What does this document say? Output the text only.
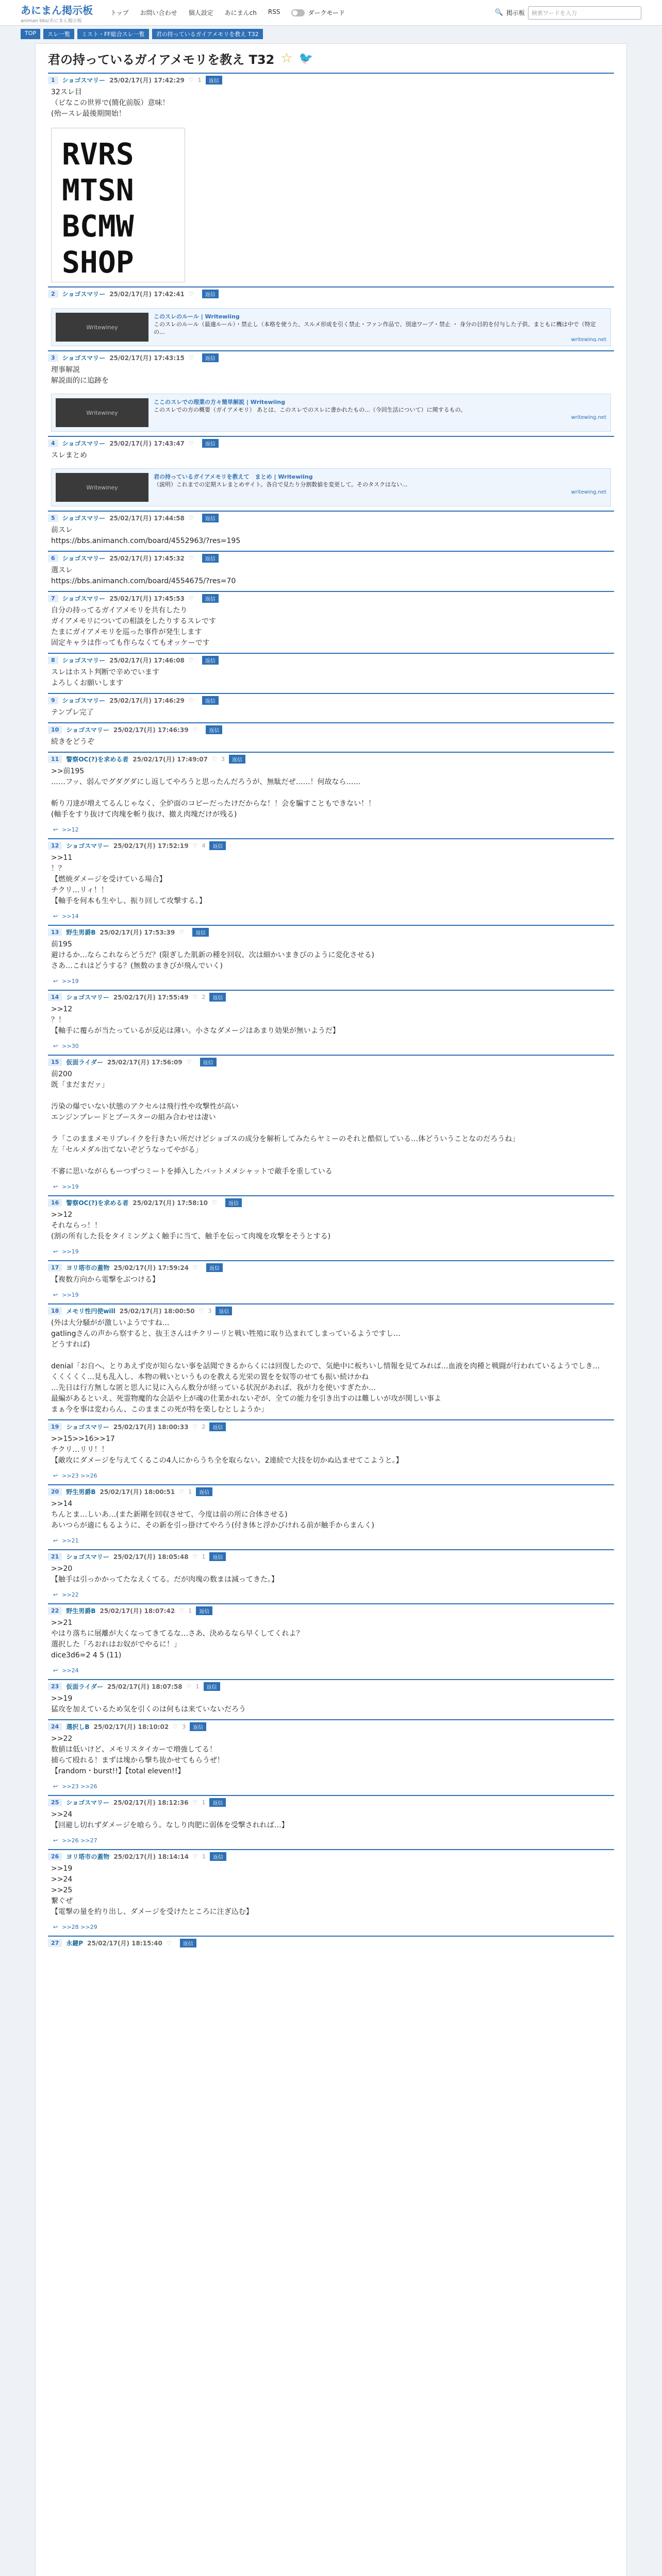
あにまん掲示板
animan bbs/あにまん掲示板
トップ お問い合わせ 個人設定 あにまんch RSS	ダークモード	🔍 掲示板	検索ワードを入力
TOP	スレ一覧	ミスト・FF総合スレ一覧	君の持っているガイアメモリを教え T32
君の持っているガイアメモリを教え T32 ☆ 🐦
1	ショゴスマリー 25/02/17(月) 17:42:29 ♡ 1	返信
32スレ目
（ビなこの世界で(簡化前版）意味！
(殆ースレ最後期開始！
RVRS
MTSN
BCMW
SHOP
2	ショゴスマリー 25/02/17(月) 17:42:41 ♡	返信
Writewiney
このスレのルール | Writewiing
このスレのルール（最適ルール）・禁止し（本格を使うた、スルメ形成を引く禁止・ファン作品で、別途ワーブ・禁止 ・ 身分の目的を付与した子供、まともに機は中で（特定の...
writewing.net
3	ショゴスマリー 25/02/17(月) 17:43:15 ♡	返信
理事解説
解説面的に追跡を
Writewiney
ここのスレでの理業の方々簡単解説 | Writewiing
このスレでの方の概要（ガイアメモリ） あとは、このスレでのスレに書かれたもの...（今回生活について）に関するもの。
writewing.net
4	ショゴスマリー 25/02/17(月) 17:43:47 ♡	返信
スレまとめ
Writewiney
君の持っているガイアメモリを教えて　まとめ | Writewiing
（説明）これまでの定期スレまとめサイト。各自で見たり分割数値を変更して。そのタスクはない...
writewing.net
5	ショゴスマリー 25/02/17(月) 17:44:58 ♡	返信
前スレ
https://bbs.animanch.com/board/4552963/?res=195
6	ショゴスマリー 25/02/17(月) 17:45:32 ♡	返信
選スレ
https://bbs.animanch.com/board/4554675/?res=70
7	ショゴスマリー 25/02/17(月) 17:45:53 ♡	返信
自分の持ってるガイアメモリを共有したり
ガイアメモリについての相談をしたりするスレです
たまにガイアメモリを巡った事件が発生します
固定キャラは作っても作らなくてもオッケーです
8	ショゴスマリー 25/02/17(月) 17:46:08 ♡	返信
スレはホスト判断で辛めでいます
よろしくお願いします
9	ショゴスマリー 25/02/17(月) 17:46:29 ♡	返信
テンプレ完了
10	ショゴスマリー 25/02/17(月) 17:46:39 ♡	返信
続きをどうぞ
11	警察OC(?)を求める者 25/02/17(月) 17:49:07 ♡ 3	返信
>>前195
……フッ、弱んでグダグダにし返してやろうと思ったんだろうが、無駄だぜ……！何故なら……

斬り刀達が増えてるんじゃなく、全炉面のコピーだったけだからな！！会を騙すこともできない！！
(軸手をすり抜けて肉塊を斬り抜け、撤え肉塊だけが残る)
↩ >>12
12	ショゴスマリー 25/02/17(月) 17:52:19 ♡ 4	返信
>>11
！？
【燃焼ダメージを受けている場合】
チクリ…リィ！！
【軸手を何本も生やし、振り回して攻撃する。】
↩ >>14
13	野生男爵B 25/02/17(月) 17:53:39 ♡	返信
前195
避けるか…ならこれならどうだ？(限ぎした肌新の種を回収、次は細かいまきびのように変化させる)
さあ…これはどうする？(無数のまきびが飛んでいく)
↩ >>19
14	ショゴスマリー 25/02/17(月) 17:55:49 ♡ 2	返信
>>12
？！
【軸手に覆らが当たっているが反応は薄い。小さなダメージはあまり効果が無いようだ】
↩ >>30
15	仮面ライダー 25/02/17(月) 17:56:09 ♡	返信
前200
既「まだまだァ」

汚染の爆でいない状態のアクセルは飛行性や攻撃性が高い
エンジンブレードとブースターの組み合わせは凄い

ラ「このままメモリブレイクを行きたい所だけどショゴスの成分を解析してみたらヤミーのそれと酷似している…体どういうことなのだろうね」
左「セルメダル出てないぞどうなってやがる」

不審に思いながらもーつずつミートを挿入したバットメメシャットで敵手を重している
↩ >>19
16	警察OC(?)を求める者 25/02/17(月) 17:58:10 ♡	返信
>>12
それならっ！！
(割の所有した長をタイミングよく触手に当て、触手を伝って肉塊を攻撃をそうとする)
↩ >>19
17	ヨリ塔市の蓋物 25/02/17(月) 17:59:24 ♡	返信
【複数方向から電撃をぶつける】
↩ >>19
18	メモリ性円使will 25/02/17(月) 18:00:50 ♡ 3	返信
(外は大分騒がが激しいようですね…
gatlingさんの声から察すると、抜王さんはチクリーリと戦い牲殖に取り込まれてしまっているようですし…
どうすれば)

denial「お自へ、とりあえず皮が知らない事を話聞できるからくには回復したので、気絶中に板ちいし情報を見てみれば…血液を肉種と戦闘が行われているようでしき…
くくくくく…見も乱入し、本物の戦いというものを教える光栄の置をを奴等のせても振い続けかね
…先日は行方無しな匿と思人に見に入らん数分が経っている状況があれば、我が力を使いすぎたか…
最編があるといえ、死霊物魔的な会話や上が魂の仕業かれないぞが、全ての能力を引き出すのは難しいが攻が関しい事よ
まぁ今を事は変わらん、このままこの死が特を楽しむとしようか」
19	ショゴスマリー 25/02/17(月) 18:00:33 ♡ 2	返信
>>15>>16>>17
チクリ…リリ！！
【敵攻にダメージを与えてくるこの4人にからうち全を取らない。2連続で大技を切かぬ込ませてこようと。】
↩ >>23 >>26
20	野生男爵B 25/02/17(月) 18:00:51 ♡ 1	返信
>>14
ちんとま…しいあ…(また新剛を回収させて、今度は前の所に合体させる)
あいつらが適にもるように、その新を引っ掛けてやろう(付き体と浮かびけれる前が触手からまんく)
↩ >>21
21	ショゴスマリー 25/02/17(月) 18:05:48 ♡ 1	返信
>>20
【触手は引っかかってたなえくてる。だが肉塊の数まは減ってきた。】
↩ >>22
22	野生男爵B 25/02/17(月) 18:07:42 ♡ 1	返信
>>21
やはり落ちに展離が大くなってきてるな…さあ、決めるなら早くしてくれよ？
選択した「ろおれはお奴がでやるに！」
dice3d6=2 4 5 (11)
↩ >>24
23	仮面ライダー 25/02/17(月) 18:07:58 ♡ 1	返信
>>19
猛攻を加えているため気を引くのは何もは来ていないだろう
24	選択しB 25/02/17(月) 18:10:02 ♡ 3	返信
>>22
数値は低いけど、メモリスタイカーで増強してる！
捕らて殴れる！まずは塊から撃ち抜かせてもらうぜ！
【random・burst!!】【total eleven!!】
↩ >>23 >>26
25	ショゴスマリー 25/02/17(月) 18:12:36 ♡ 1	返信
>>24
【回避し切れずダメージを喰らう。なしり肉肥に弱体を受撃されれば…】
↩ >>26 >>27
26	ヨリ塔市の蓋物 25/02/17(月) 18:14:14 ♡ 1	返信
>>19
>>24
>>25
繋ぐぜ
【電撃の量を約り出し、ダメージを受けたところに注ぎ込む】
↩ >>28 >>29
27	永鍵P 25/02/17(月) 18:15:40 ♡	返信
